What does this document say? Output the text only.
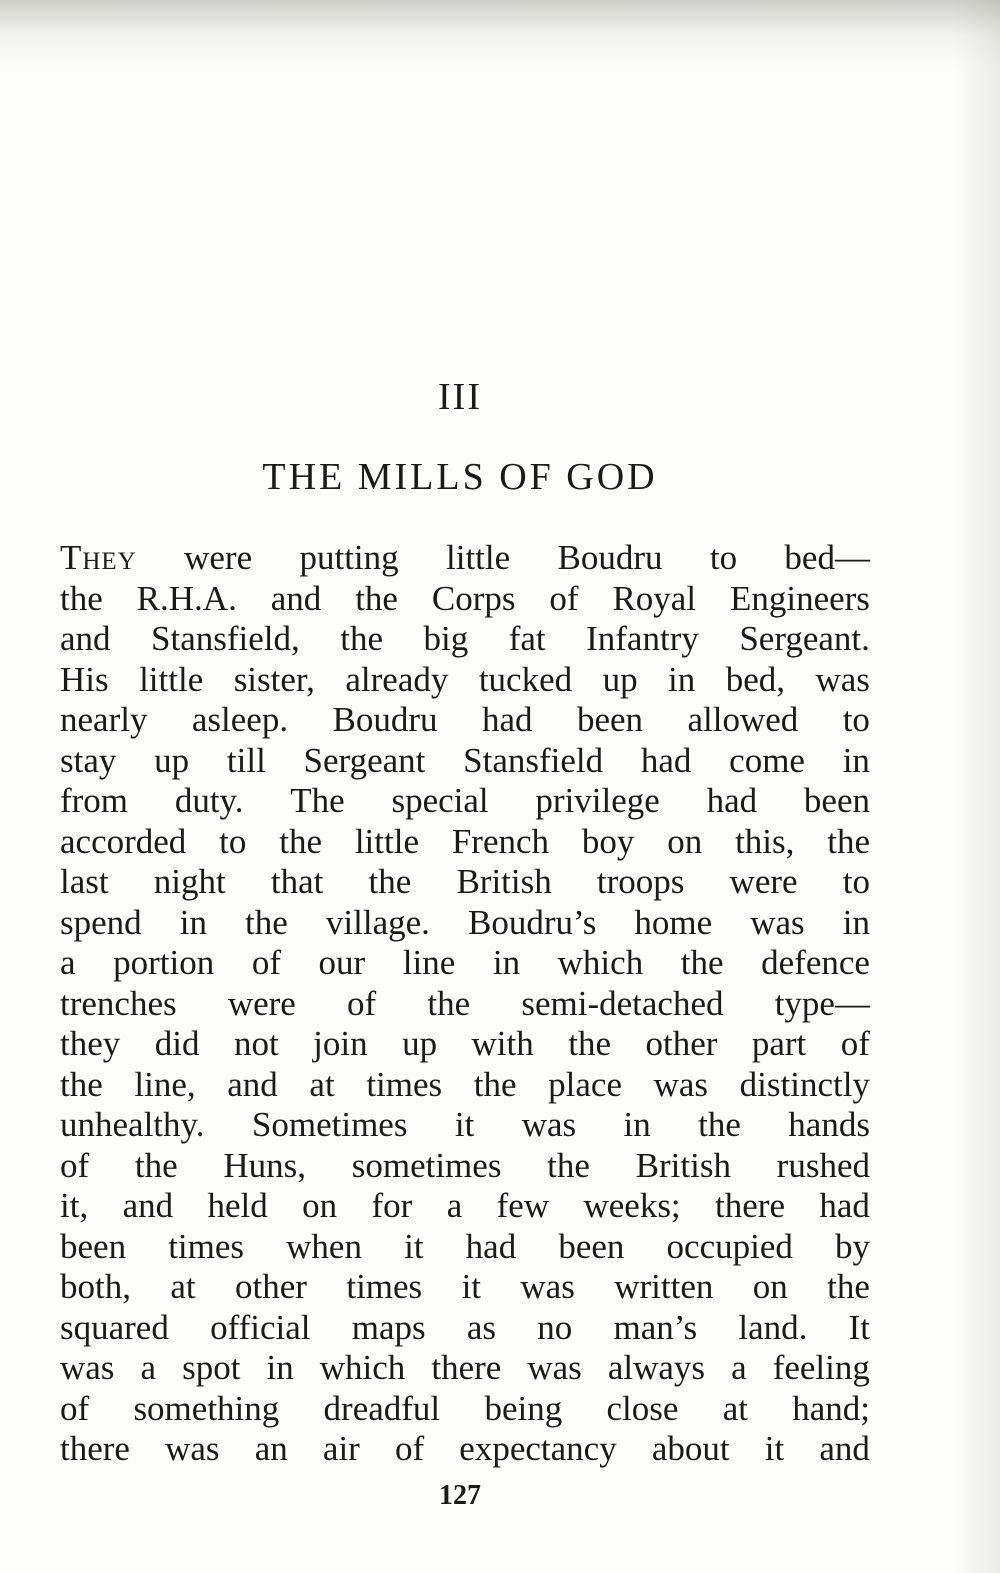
III
THE MILLS OF GOD
They were putting little Boudru to bed—
the R.H.A. and the Corps of Royal Engineers
and Stansfield, the big fat Infantry Sergeant.
His little sister, already tucked up in bed, was
nearly asleep. Boudru had been allowed to
stay up till Sergeant Stansfield had come in
from duty. The special privilege had been
accorded to the little French boy on this, the
last night that the British troops were to
spend in the village. Boudru’s home was in
a portion of our line in which the defence
trenches were of the semi-detached type—
they did not join up with the other part of
the line, and at times the place was distinctly
unhealthy. Sometimes it was in the hands
of the Huns, sometimes the British rushed
it, and held on for a few weeks; there had
been times when it had been occupied by
both, at other times it was written on the
squared official maps as no man’s land. It
was a spot in which there was always a feeling
of something dreadful being close at hand;
there was an air of expectancy about it and
127
